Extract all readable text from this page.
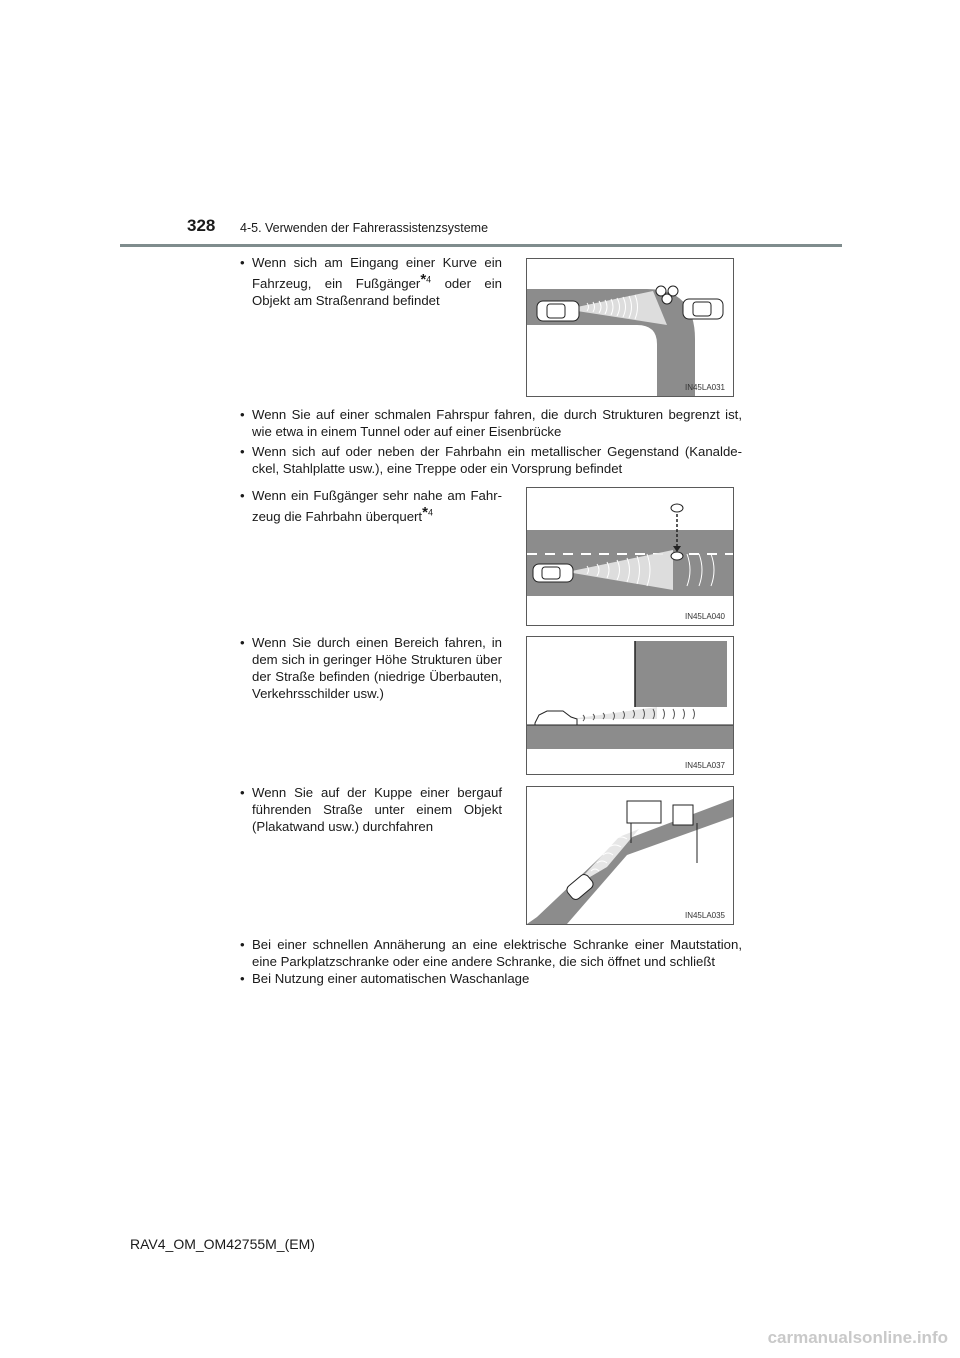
328 4-5. Verwenden der Fahrerassistenzsysteme
• Wenn sich am Eingang einer Kurve ein
Fahrzeug, ein Fußgänger*$^4$ oder ein
Objekt am Straßenrand befindet
IN45LA031
• Wenn Sie auf einer schmalen Fahrspur fahren, die durch Strukturen begrenzt ist,
wie etwa in einem Tunnel oder auf einer Eisenbrücke
• Wenn sich auf oder neben der Fahrbahn ein metallischer Gegenstand (Kanalde-
ckel, Stahlplatte usw.), eine Treppe oder ein Vorsprung befindet
• Wenn ein Fußgänger sehr nahe am Fahr-
zeug die Fahrbahn überquert*$^4$
IN45LA040
• Wenn Sie durch einen Bereich fahren, in
dem sich in geringer Höhe Strukturen über
der Straße befinden (niedrige Überbauten,
Verkehrsschilder usw.)
IN45LA037
• Wenn Sie auf der Kuppe einer bergauf
führenden Straße unter einem Objekt
(Plakatwand usw.) durchfahren
IN45LA035
• Bei einer schnellen Annäherung an eine elektrische Schranke einer Mautstation,
eine Parkplatzschranke oder eine andere Schranke, die sich öffnet und schließt
• Bei Nutzung einer automatischen Waschanlage
RAV4_OM_OM42755M_(EM)
carmanualsonline.info
